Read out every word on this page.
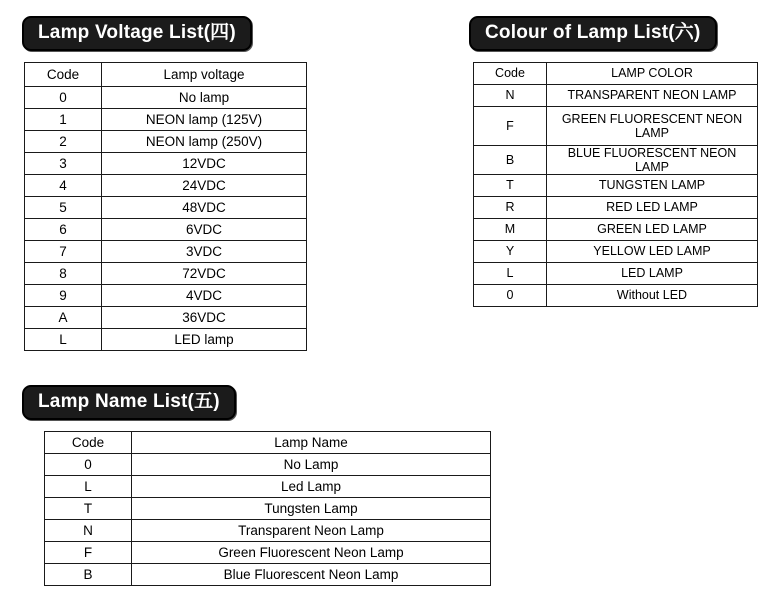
Lamp Voltage List(四)
Code	Lamp voltage
0	No lamp
1	NEON lamp (125V)
2	NEON lamp (250V)
3	12VDC
4	24VDC
5	48VDC
6	6VDC
7	3VDC
8	72VDC
9	4VDC
A	36VDC
L	LED lamp
Colour of Lamp List(六)
Code	LAMP COLOR
N	TRANSPARENT NEON LAMP
F	GREEN FLUORESCENT NEON LAMP
B	BLUE FLUORESCENT NEON LAMP
T	TUNGSTEN LAMP
R	RED LED LAMP
M	GREEN LED LAMP
Y	YELLOW LED LAMP
L	LED LAMP
0	Without LED
Lamp Name List(五)
Code	Lamp Name
0	No Lamp
L	Led Lamp
T	Tungsten Lamp
N	Transparent Neon Lamp
F	Green Fluorescent Neon Lamp
B	Blue Fluorescent Neon Lamp
